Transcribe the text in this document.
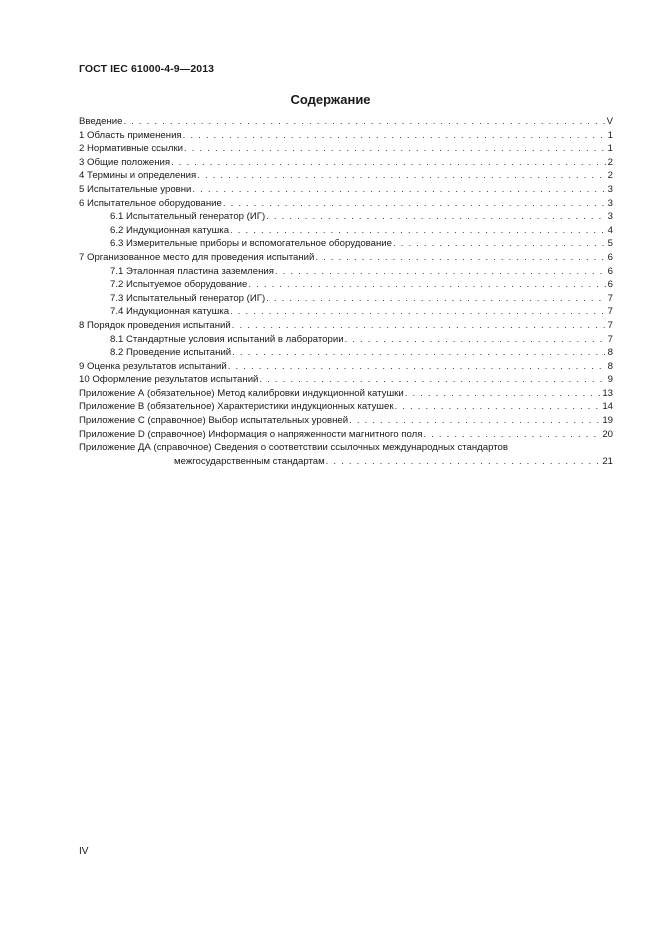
ГОСТ IEC 61000-4-9—2013
Содержание
Введение . . .	V
1 Область применения . . .	1
2 Нормативные ссылки . . .	1
3 Общие положения . . .	2
4 Термины и определения . . .	2
5 Испытательные уровни . . .	3
6 Испытательное оборудование . . .	3
6.1 Испытательный генератор (ИГ) . . .	3
6.2 Индукционная катушка . . .	4
6.3 Измерительные приборы и вспомогательное оборудование . . .	5
7 Организованное место для проведения испытаний . . .	6
7.1 Эталонная пластина заземления . . .	6
7.2 Испытуемое оборудование . . .	6
7.3 Испытательный генератор (ИГ) . . .	7
7.4 Индукционная катушка . . .	7
8 Порядок проведения испытаний . . .	7
8.1 Стандартные условия испытаний в лаборатории . . .	7
8.2 Проведение испытаний . . .	8
9 Оценка результатов испытаний . . .	8
10 Оформление результатов испытаний . . .	9
Приложение А (обязательное) Метод калибровки индукционной катушки . . .	13
Приложение В (обязательное) Характеристики индукционных катушек . . .	14
Приложение С (справочное) Выбор испытательных уровней . . .	19
Приложение D (справочное) Информация о напряженности магнитного поля . . .	20
Приложение ДА (справочное) Сведения о соответствии ссылочных международных стандартов
межгосударственным стандартам . . .	21
IV
